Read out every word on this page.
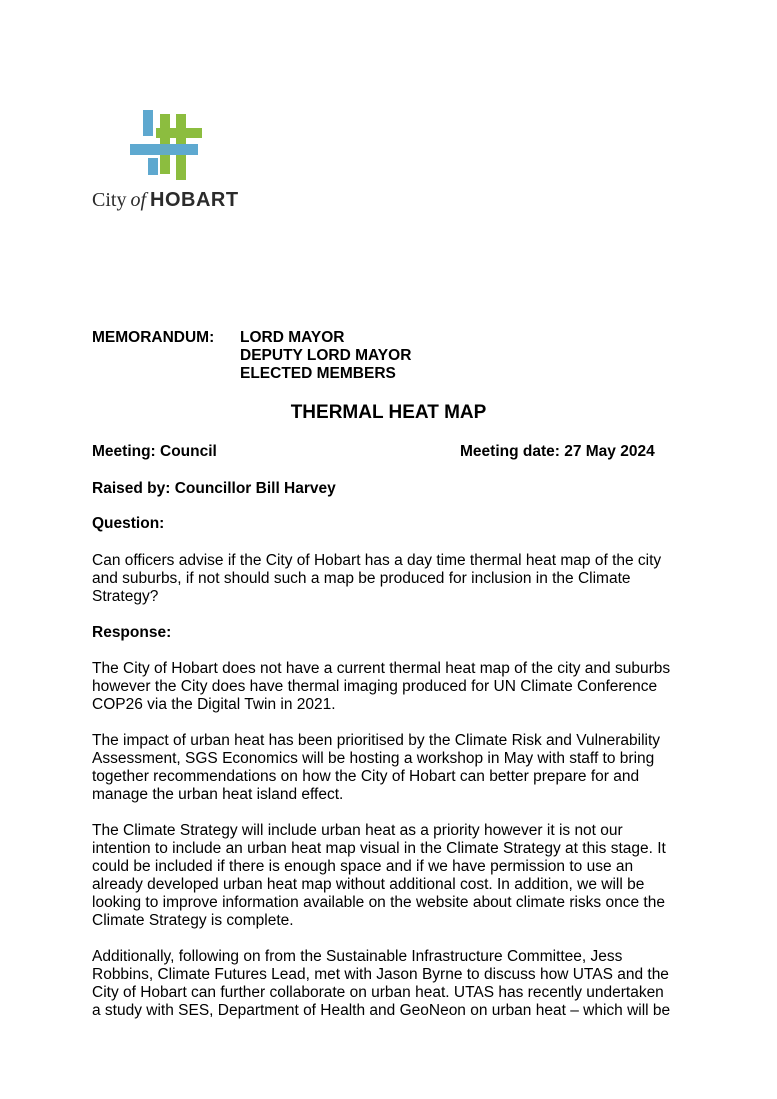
City  of  HOBART
MEMORANDUM: LORD MAYOR
DEPUTY LORD MAYOR
ELECTED MEMBERS
THERMAL HEAT MAP
Meeting: Council	Meeting date: 27 May 2024
Raised by: Councillor Bill Harvey
Question:
Can officers advise if the City of Hobart has a day time thermal heat map of the city
and suburbs, if not should such a map be produced for inclusion in the Climate
Strategy?
Response:
The City of Hobart does not have a current thermal heat map of the city and suburbs
however the City does have thermal imaging produced for UN Climate Conference
COP26 via the Digital Twin in 2021.
The impact of urban heat has been prioritised by the Climate Risk and Vulnerability
Assessment, SGS Economics will be hosting a workshop in May with staff to bring
together recommendations on how the City of Hobart can better prepare for and
manage the urban heat island effect.
The Climate Strategy will include urban heat as a priority however it is not our
intention to include an urban heat map visual in the Climate Strategy at this stage. It
could be included if there is enough space and if we have permission to use an
already developed urban heat map without additional cost. In addition, we will be
looking to improve information available on the website about climate risks once the
Climate Strategy is complete.
Additionally, following on from the Sustainable Infrastructure Committee, Jess
Robbins, Climate Futures Lead, met with Jason Byrne to discuss how UTAS and the
City of Hobart can further collaborate on urban heat. UTAS has recently undertaken
a study with SES, Department of Health and GeoNeon on urban heat – which will be
